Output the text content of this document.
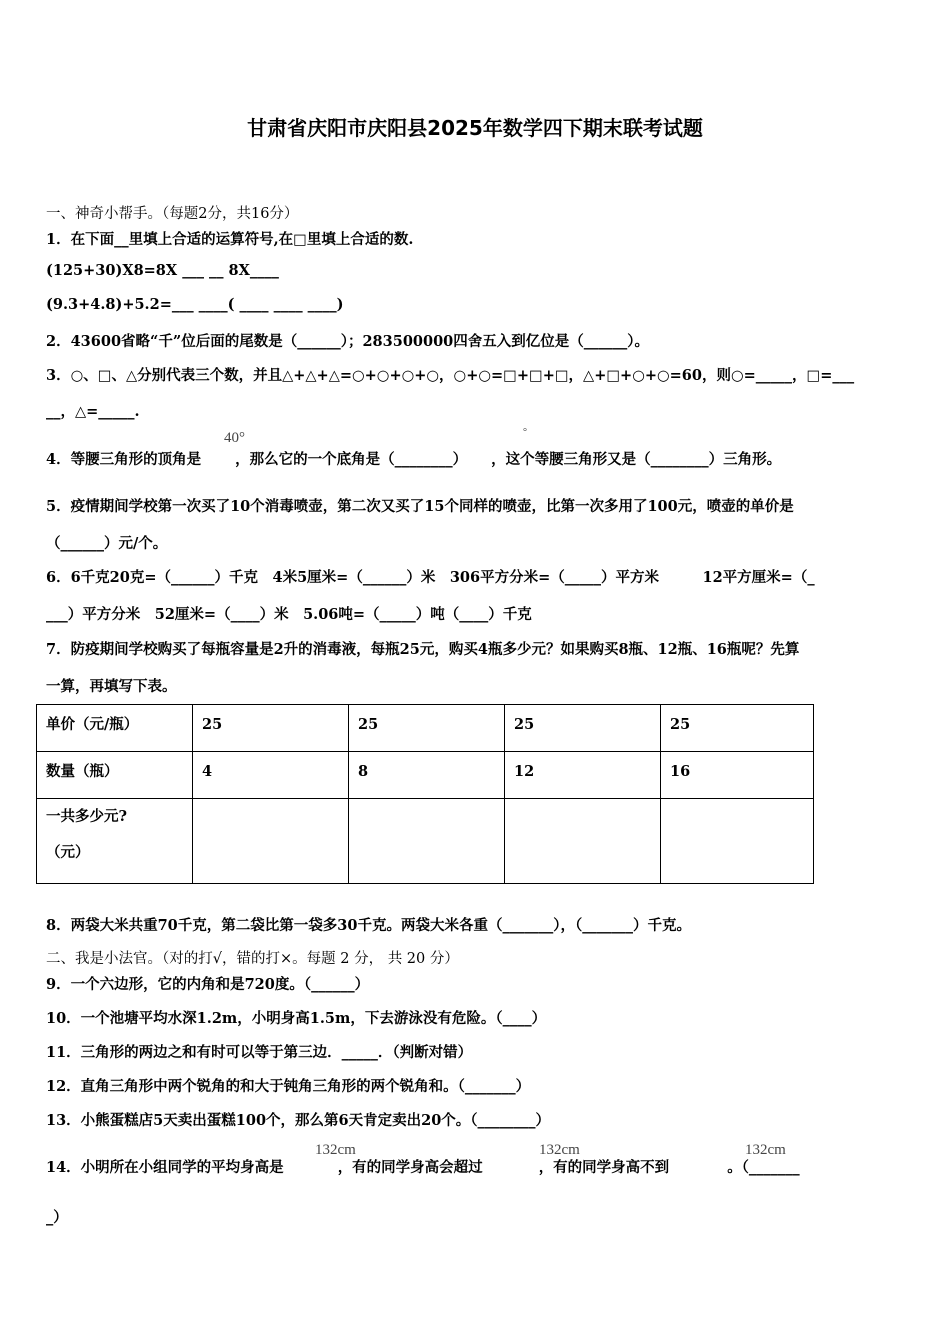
甘肃省庆阳市庆阳县2025年数学四下期末联考试题
一、神奇小帮手。（每题2分，共16分）
1．在下面__里填上合适的运算符号,在□里填上合适的数.
(125+30)X8=8X ___ __ 8X____
(9.3+4.8)+5.2=___ ____( ____ ____ ____)
2．43600省略“千”位后面的尾数是（______）；283500000四舍五入到亿位是（______）。
3．○、□、△分别代表三个数，并且△+△+△=○+○+○+○，○+○=□+□+□，△+□+○+○=60，则○=_____，□=___
__，△=_____.
4．等腰三角形的顶角是 ，那么它的一个底角是（________） ，这个等腰三角形又是（________）三角形。
40°	°
5．疫情期间学校第一次买了10个消毒喷壶，第二次又买了15个同样的喷壶，比第一次多用了100元，喷壶的单价是
（______）元/个。
6．6千克20克=（______）千克　4米5厘米=（______）米　306平方分米=（_____）平方米　　　12平方厘米=（_
___）平方分米　52厘米=（____）米　5.06吨=（_____）吨（____）千克
7．防疫期间学校购买了每瓶容量是2升的消毒液，每瓶25元，购买4瓶多少元？如果购买8瓶、12瓶、16瓶呢？先算
一算，再填写下表。
单价（元/瓶）	25	25	25	25
数量（瓶）	4	8	12	16

一共多少元?
（元）				

8．两袋大米共重70千克，第二袋比第一袋多30千克。两袋大米各重（_______），（_______）千克。
二、我是小法官。（对的打√，错的打×。每题 2 分， 共 20 分）
9．一个六边形，它的内角和是720度。（______）
10．一个池塘平均水深1.2m，小明身高1.5m，下去游泳没有危险。（____）
11．三角形的两边之和有时可以等于第三边．_____．（判断对错）
12．直角三角形中两个锐角的和大于钝角三角形的两个锐角和。（_______）
13．小熊蛋糕店5天卖出蛋糕100个，那么第6天肯定卖出20个。（________）
14．小明所在小组同学的平均身高是	，有的同学身高会超过	，有的同学身高不到	。（_______
132cm	132cm	132cm
_）
